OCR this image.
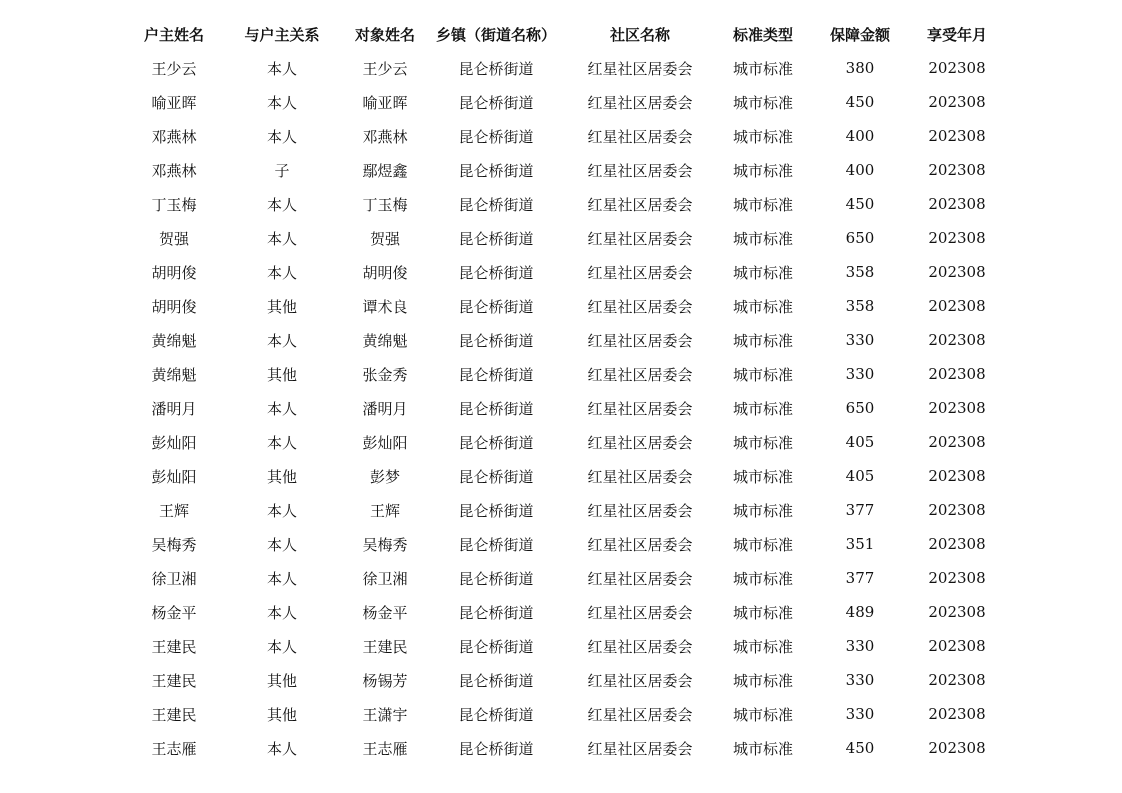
户主姓名	与户主关系	对象姓名	乡镇（街道名称）	社区名称	标准类型	保障金额	享受年月
王少云	本人	王少云	昆仑桥街道	红星社区居委会	城市标准	380	202308
喻亚晖	本人	喻亚晖	昆仑桥街道	红星社区居委会	城市标准	450	202308
邓燕林	本人	邓燕林	昆仑桥街道	红星社区居委会	城市标准	400	202308
邓燕林	子	鄢煜鑫	昆仑桥街道	红星社区居委会	城市标准	400	202308
丁玉梅	本人	丁玉梅	昆仑桥街道	红星社区居委会	城市标准	450	202308
贺强	本人	贺强	昆仑桥街道	红星社区居委会	城市标准	650	202308
胡明俊	本人	胡明俊	昆仑桥街道	红星社区居委会	城市标准	358	202308
胡明俊	其他	谭术良	昆仑桥街道	红星社区居委会	城市标准	358	202308
黄绵魁	本人	黄绵魁	昆仑桥街道	红星社区居委会	城市标准	330	202308
黄绵魁	其他	张金秀	昆仑桥街道	红星社区居委会	城市标准	330	202308
潘明月	本人	潘明月	昆仑桥街道	红星社区居委会	城市标准	650	202308
彭灿阳	本人	彭灿阳	昆仑桥街道	红星社区居委会	城市标准	405	202308
彭灿阳	其他	彭梦	昆仑桥街道	红星社区居委会	城市标准	405	202308
王辉	本人	王辉	昆仑桥街道	红星社区居委会	城市标准	377	202308
吴梅秀	本人	吴梅秀	昆仑桥街道	红星社区居委会	城市标准	351	202308
徐卫湘	本人	徐卫湘	昆仑桥街道	红星社区居委会	城市标准	377	202308
杨金平	本人	杨金平	昆仑桥街道	红星社区居委会	城市标准	489	202308
王建民	本人	王建民	昆仑桥街道	红星社区居委会	城市标准	330	202308
王建民	其他	杨锡芳	昆仑桥街道	红星社区居委会	城市标准	330	202308
王建民	其他	王潇宇	昆仑桥街道	红星社区居委会	城市标准	330	202308
王志雁	本人	王志雁	昆仑桥街道	红星社区居委会	城市标准	450	202308
